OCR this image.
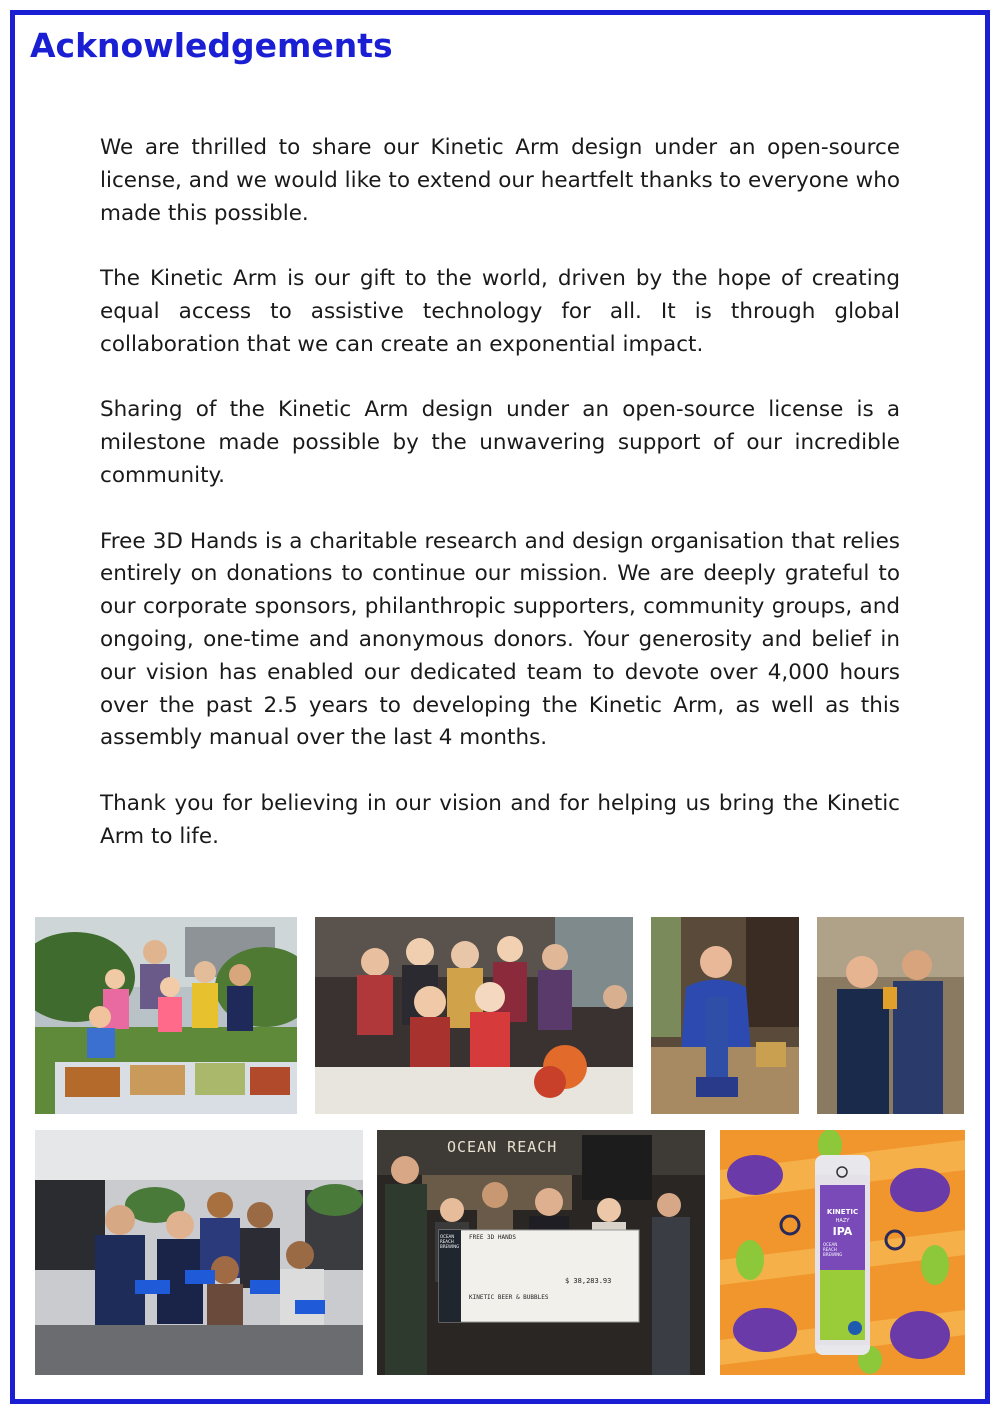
Acknowledgements

We are thrilled to share our Kinetic Arm design under an open-source license, and we would like to extend our heartfelt thanks to everyone who made this possible.

The Kinetic Arm is our gift to the world, driven by the hope of creating equal access to assistive technology for all. It is through global collaboration that we can create an exponential impact.

Sharing of the Kinetic Arm design under an open-source license is a milestone made possible by the unwavering support of our incredible community.

Free 3D Hands is a charitable research and design organisation that relies entirely on donations to continue our mission. We are deeply grateful to our corporate sponsors, philanthropic supporters, community groups, and ongoing, one-time and anonymous donors. Your generosity and belief in our vision has enabled our dedicated team to devote over 4,000 hours over the past 2.5 years to developing the Kinetic Arm, as well as this assembly manual over the last 4 months.

Thank you for believing in our vision and for helping us bring the Kinetic Arm to life.

OCEAN REACH
OCEAN REACH BREWING
FREE 3D HANDS
$ 38,283.93
KINETIC BEER & BUBBLES
KINETIC
HAZY
IPA
OCEAN REACH BREWING
